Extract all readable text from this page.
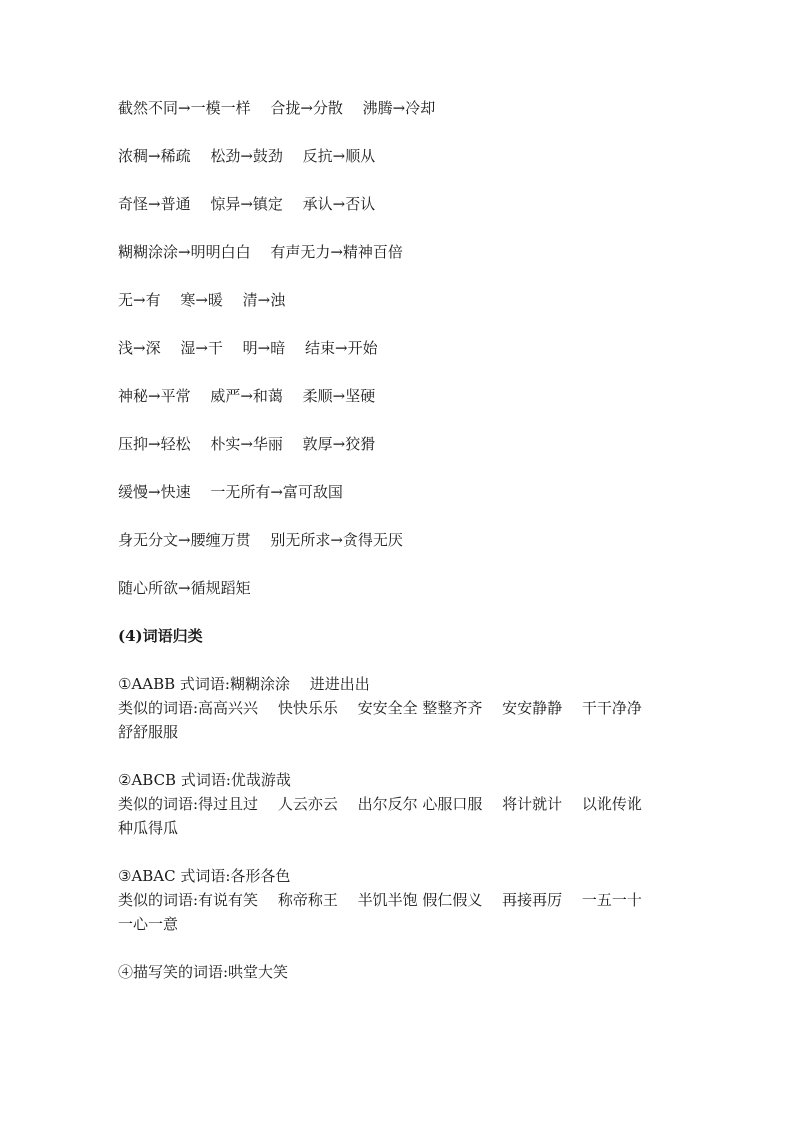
截然不同→一模一样　 合拢→分散　 沸腾→冷却
浓稠→稀疏　 松劲→鼓劲　 反抗→顺从
奇怪→普通　 惊异→镇定　 承认→否认
糊糊涂涂→明明白白　 有声无力→精神百倍
无→有　 寒→暖　 清→浊
浅→深　 湿→干　 明→暗　 结束→开始
神秘→平常　 威严→和蔼　 柔顺→坚硬
压抑→轻松　 朴实→华丽　 敦厚→狡猾
缓慢→快速　 一无所有→富可敌国
身无分文→腰缠万贯　 别无所求→贪得无厌
随心所欲→循规蹈矩
(4)词语归类
①AABB 式词语:糊糊涂涂　 进进出出
类似的词语:高高兴兴　 快快乐乐　 安安全全 整整齐齐　 安安静静　 干干净净
舒舒服服
②ABCB 式词语:优哉游哉
类似的词语:得过且过　 人云亦云　 出尔反尔 心服口服　 将计就计　 以讹传讹
种瓜得瓜
③ABAC 式词语:各形各色
类似的词语:有说有笑　 称帝称王　 半饥半饱 假仁假义　 再接再厉　 一五一十
一心一意
④描写笑的词语:哄堂大笑
